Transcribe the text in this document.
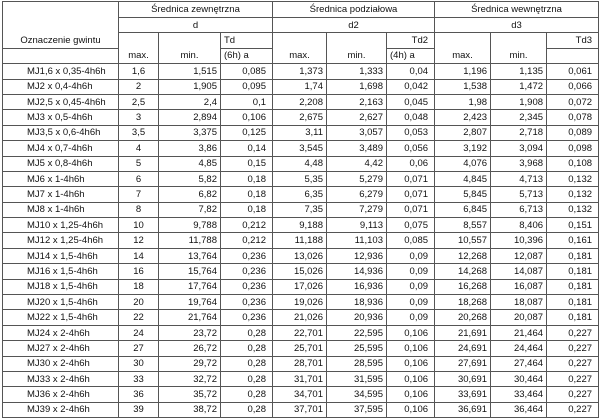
	Średnica zewnętrzna			Średnica podziałowa			Średnica wewnętrzna		
	d			d2			d3		
Oznaczenie gwintu			Td			Td2			Td3
	max.	min.	(6h) a	max.	min.	(4h) a	max.	min.	
MJ1,6 x 0,35-4h6h	1,6	1,515	0,085	1,373	1,333	0,04	1,196	1,135	0,061
MJ2 x 0,4-4h6h	2	1,905	0,095	1,74	1,698	0,042	1,538	1,472	0,066
MJ2,5 x 0,45-4h6h	2,5	2,4	0,1	2,208	2,163	0,045	1,98	1,908	0,072
MJ3 x 0,5-4h6h	3	2,894	0,106	2,675	2,627	0,048	2,423	2,345	0,078
MJ3,5 x 0,6-4h6h	3,5	3,375	0,125	3,11	3,057	0,053	2,807	2,718	0,089
MJ4 x 0,7-4h6h	4	3,86	0,14	3,545	3,489	0,056	3,192	3,094	0,098
MJ5 x 0,8-4h6h	5	4,85	0,15	4,48	4,42	0,06	4,076	3,968	0,108
MJ6 x 1-4h6h	6	5,82	0,18	5,35	5,279	0,071	4,845	4,713	0,132
MJ7 x 1-4h6h	7	6,82	0,18	6,35	6,279	0,071	5,845	5,713	0,132
MJ8 x 1-4h6h	8	7,82	0,18	7,35	7,279	0,071	6,845	6,713	0,132
MJ10 x 1,25-4h6h	10	9,788	0,212	9,188	9,113	0,075	8,557	8,406	0,151
MJ12 x 1,25-4h6h	12	11,788	0,212	11,188	11,103	0,085	10,557	10,396	0,161
MJ14 x 1,5-4h6h	14	13,764	0,236	13,026	12,936	0,09	12,268	12,087	0,181
MJ16 x 1,5-4h6h	16	15,764	0,236	15,026	14,936	0,09	14,268	14,087	0,181
MJ18 x 1,5-4h6h	18	17,764	0,236	17,026	16,936	0,09	16,268	16,087	0,181
MJ20 x 1,5-4h6h	20	19,764	0,236	19,026	18,936	0,09	18,268	18,087	0,181
MJ22 x 1,5-4h6h	22	21,764	0,236	21,026	20,936	0,09	20,268	20,087	0,181
MJ24 x 2-4h6h	24	23,72	0,28	22,701	22,595	0,106	21,691	21,464	0,227
MJ27 x 2-4h6h	27	26,72	0,28	25,701	25,595	0,106	24,691	24,464	0,227
MJ30 x 2-4h6h	30	29,72	0,28	28,701	28,595	0,106	27,691	27,464	0,227
MJ33 x 2-4h6h	33	32,72	0,28	31,701	31,595	0,106	30,691	30,464	0,227
MJ36 x 2-4h6h	36	35,72	0,28	34,701	34,595	0,106	33,691	33,464	0,227
MJ39 x 2-4h6h	39	38,72	0,28	37,701	37,595	0,106	36,691	36,464	0,227
